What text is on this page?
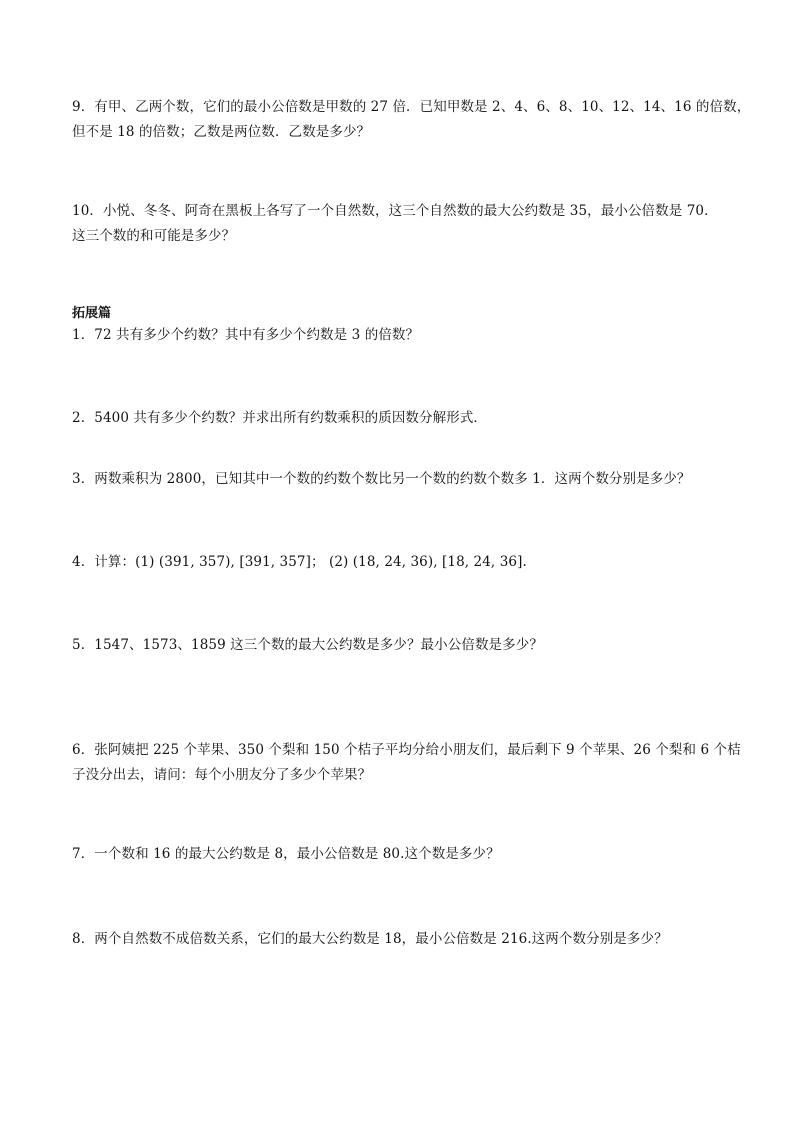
9．有甲、乙两个数，它们的最小公倍数是甲数的 27 倍．已知甲数是 2、4、6、8、10、12、14、16 的倍数，

但不是 18 的倍数；乙数是两位数．乙数是多少？

10．小悦、冬冬、阿奇在黑板上各写了一个自然数，这三个自然数的最大公约数是 35，最小公倍数是 70．

这三个数的和可能是多少？

拓展篇

1．72 共有多少个约数？其中有多少个约数是 3 的倍数？

2．5400 共有多少个约数？并求出所有约数乘积的质因数分解形式．

3．两数乘积为 2800，已知其中一个数的约数个数比另一个数的约数个数多 1．这两个数分别是多少？

4．计算：(1) (391, 357), [391, 357]； (2) (18, 24, 36), [18, 24, 36].

5．1547、1573、1859 这三个数的最大公约数是多少？最小公倍数是多少？

6．张阿姨把 225 个苹果、350 个梨和 150 个桔子平均分给小朋友们，最后剩下 9 个苹果、26 个梨和 6 个桔

子没分出去，请问：每个小朋友分了多少个苹果？

7．一个数和 16 的最大公约数是 8，最小公倍数是 80.这个数是多少？

8．两个自然数不成倍数关系，它们的最大公约数是 18，最小公倍数是 216.这两个数分别是多少？
